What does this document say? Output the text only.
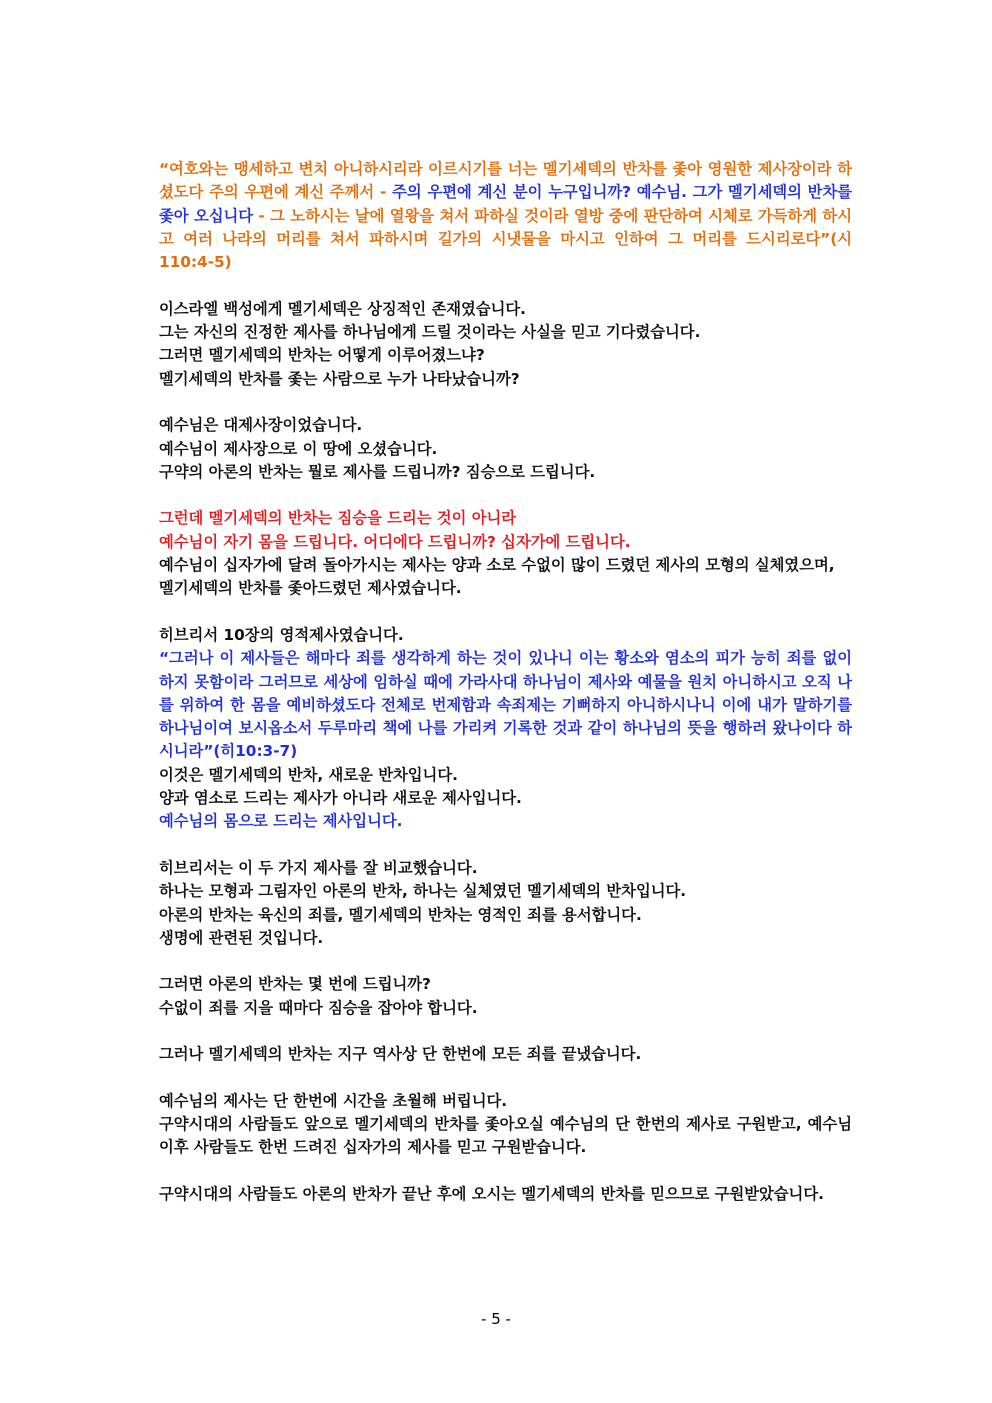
“여호와는 맹세하고 변치 아니하시리라 이르시기를 너는 멜기세덱의 반차를 좇아 영원한 제사장이라 하셨도다 주의 우편에 계신 주께서 - 주의 우편에 계신 분이 누구입니까? 예수님. 그가 멜기세덱의 반차를 좇아 오십니다 - 그 노하시는 날에 열왕을 쳐서 파하실 것이라 열방 중에 판단하여 시체로 가득하게 하시고 여러 나라의 머리를 쳐서 파하시며 길가의 시냇물을 마시고 인하여 그 머리를 드시리로다”(시110:4-5)

이스라엘 백성에게 멜기세덱은 상징적인 존재였습니다.
그는 자신의 진정한 제사를 하나님에게 드릴 것이라는 사실을 믿고 기다렸습니다.
그러면 멜기세덱의 반차는 어떻게 이루어졌느냐?
멜기세덱의 반차를 좇는 사람으로 누가 나타났습니까?
예수님은 대제사장이었습니다.
예수님이 제사장으로 이 땅에 오셨습니다.
구약의 아론의 반차는 뭘로 제사를 드립니까? 짐승으로 드립니다.
그런데 멜기세덱의 반차는 짐승을 드리는 것이 아니라
예수님이 자기 몸을 드립니다. 어디에다 드립니까? 십자가에 드립니다.

예수님이 십자가에 달려 돌아가시는 제사는 양과 소로 수없이 많이 드렸던 제사의 모형의 실체였으며,

멜기세덱의 반차를 좇아드렸던 제사였습니다.
히브리서 10장의 영적제사였습니다.

“그러나 이 제사들은 해마다 죄를 생각하게 하는 것이 있나니 이는 황소와 염소의 피가 능히 죄를 없이 하지 못함이라 그러므로 세상에 임하실 때에 가라사대 하나님이 제사와 예물을 원치 아니하시고 오직 나를 위하여 한 몸을 예비하셨도다 전체로 번제함과 속죄제는 기뻐하지 아니하시나니 이에 내가 말하기를 하나님이여 보시옵소서 두루마리 책에 나를 가리켜 기록한 것과 같이 하나님의 뜻을 행하러 왔나이다 하시니라”(히10:3-7)

이것은 멜기세덱의 반차, 새로운 반차입니다.
양과 염소로 드리는 제사가 아니라 새로운 제사입니다.
예수님의 몸으로 드리는 제사입니다.
히브리서는 이 두 가지 제사를 잘 비교했습니다.
하나는 모형과 그림자인 아론의 반차, 하나는 실체였던 멜기세덱의 반차입니다.
아론의 반차는 육신의 죄를, 멜기세덱의 반차는 영적인 죄를 용서합니다.
생명에 관련된 것입니다.
그러면 아론의 반차는 몇 번에 드립니까?
수없이 죄를 지을 때마다 짐승을 잡아야 합니다.
그러나 멜기세덱의 반차는 지구 역사상 단 한번에 모든 죄를 끝냈습니다.
예수님의 제사는 단 한번에 시간을 초월해 버립니다.

구약시대의 사람들도 앞으로 멜기세덱의 반차를 좇아오실 예수님의 단 한번의 제사로 구원받고, 예수님 이후 사람들도 한번 드려진 십자가의 제사를 믿고 구원받습니다.

구약시대의 사람들도 아론의 반차가 끝난 후에 오시는 멜기세덱의 반차를 믿으므로 구원받았습니다.

- 5 -
